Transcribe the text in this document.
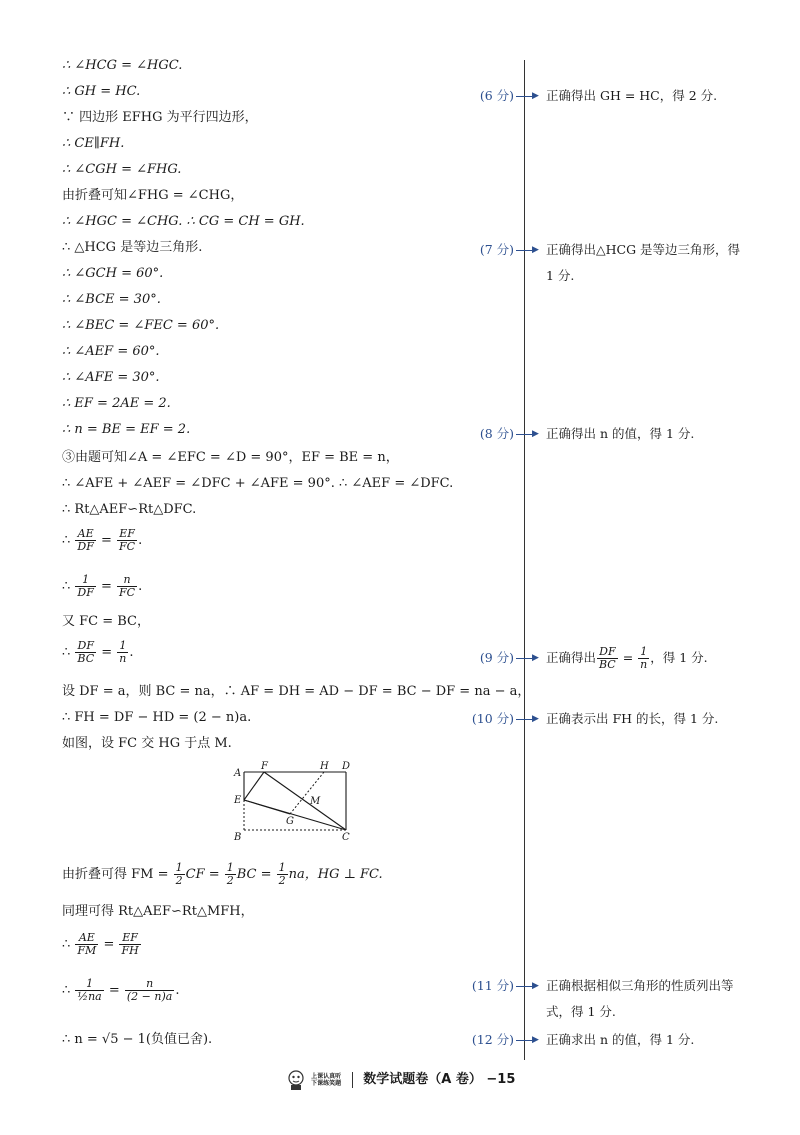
∴ ∠HCG = ∠HGC.
∴ GH = HC.
∵ 四边形 EFHG 为平行四边形，
∴ CE∥FH.
∴ ∠CGH = ∠FHG.
由折叠可知∠FHG = ∠CHG，
∴ ∠HGC = ∠CHG. ∴ CG = CH = GH.
∴ △HCG 是等边三角形.
∴ ∠GCH = 60°.
∴ ∠BCE = 30°.
∴ ∠BEC = ∠FEC = 60°.
∴ ∠AEF = 60°.
∴ ∠AFE = 30°.
∴ EF = 2AE = 2.
∴ n = BE = EF = 2.
③由题可知∠A = ∠EFC = ∠D = 90°，EF = BE = n，
∴ ∠AFE + ∠AEF = ∠DFC + ∠AFE = 90°. ∴ ∠AEF = ∠DFC.
∴ Rt△AEF∽Rt△DFC.
∴ $\frac{AE}{DF} = \frac{EF}{FC}$ .
∴ $\frac{1}{DF} = \frac{n}{FC}$ .
又 FC = BC，
∴ $\frac{DF}{BC} = \frac{1}{n}$ .
设 DF = a，则 BC = na，∴ AF = DH = AD − DF = BC − DF = na − a，
∴ FH = DF − HD = (2 − n)a.
如图，设 FC 交 HG 于点 M.
A
F	H D
E	M
G
B	C
由折叠可得 FM = $\frac{1}{2}$ CF = $\frac{1}{2}$ BC = $\frac{1}{2}$ na，HG ⊥ FC.
同理可得 Rt△AEF∽Rt△MFH，
∴ $\frac{AE}{FM} = \frac{EF}{FH}$
∴ $\frac{1}{\text{½na}} = \frac{n}{(2 - n)a}$ .
∴ n = √5 − 1(负值已舍).
(6 分) ▶ 正确得出 GH = HC，得 2 分.
(7 分) ▶ 正确得出△HCG 是等边三角形，得 1 分.
(8 分) ▶ 正确得出 n 的值，得 1 分.
(9 分) ▶ 正确得出 $\frac{DF}{BC} = \frac{1}{n}$ ，得 1 分.
(10 分) ▶ 正确表示出 FH 的长，得 1 分.
(11 分) ▶ 正确根据相似三角形的性质列出等式，得 1 分.
(12 分) ▶ 正确求出 n 的值，得 1 分.
上课认真听
下课练笑题 数学试题卷（A 卷） −15
